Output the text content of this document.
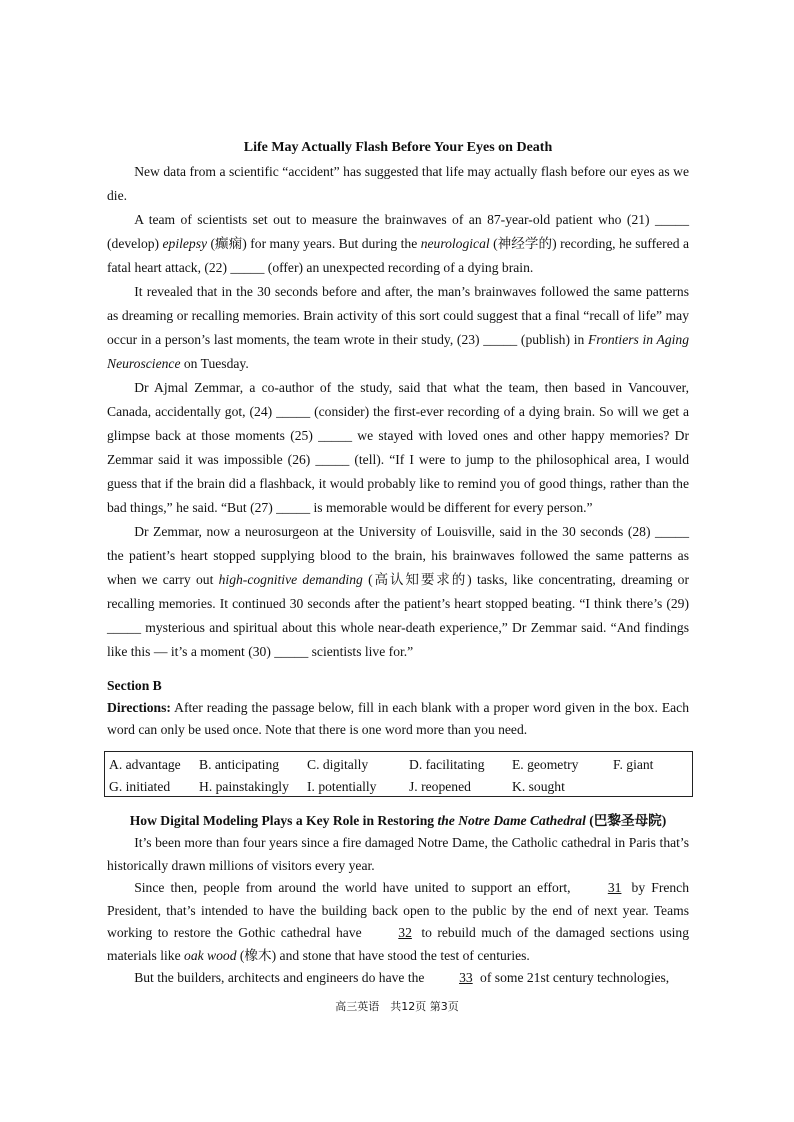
Life May Actually Flash Before Your Eyes on Death

New data from a scientific “accident” has suggested that life may actually flash before our eyes as we die.

A team of scientists set out to measure the brainwaves of an 87-year-old patient who (21) _____ (develop) epilepsy (癫痫) for many years. But during the neurological (神经学的) recording, he suffered a fatal heart attack, (22) _____ (offer) an unexpected recording of a dying brain.

It revealed that in the 30 seconds before and after, the man’s brainwaves followed the same patterns as dreaming or recalling memories. Brain activity of this sort could suggest that a final “recall of life” may occur in a person’s last moments, the team wrote in their study, (23) _____ (publish) in Frontiers in Aging Neuroscience on Tuesday.

Dr Ajmal Zemmar, a co-author of the study, said that what the team, then based in Vancouver, Canada, accidentally got, (24) _____ (consider) the first-ever recording of a dying brain. So will we get a glimpse back at those moments (25) _____ we stayed with loved ones and other happy memories? Dr Zemmar said it was impossible (26) _____ (tell). “If I were to jump to the philosophical area, I would guess that if the brain did a flashback, it would probably like to remind you of good things, rather than the bad things,” he said. “But (27) _____ is memorable would be different for every person.”

Dr Zemmar, now a neurosurgeon at the University of Louisville, said in the 30 seconds (28) _____ the patient’s heart stopped supplying blood to the brain, his brainwaves followed the same patterns as when we carry out high-cognitive demanding (高认知要求的) tasks, like concentrating, dreaming or recalling memories. It continued 30 seconds after the patient’s heart stopped beating. “I think there’s (29) _____ mysterious and spiritual about this whole near-death experience,” Dr Zemmar said. “And findings like this — it’s a moment (30) _____ scientists live for.”

Section B
Directions: After reading the passage below, fill in each blank with a proper word given in the box. Each word can only be used once. Note that there is one word more than you need.
A. advantage B. anticipating C. digitally	D. facilitating E. geometry	F. giant
G. initiated H. painstakingly I. potentially J. reopened	K. sought
How Digital Modeling Plays a Key Role in Restoring the Notre Dame Cathedral (巴黎圣母院)

It’s been more than four years since a fire damaged Notre Dame, the Catholic cathedral in Paris that’s historically drawn millions of visitors every year.

Since then, people from around the world have united to support an effort, 31 by French President, that’s intended to have the building back open to the public by the end of next year. Teams working to restore the Gothic cathedral have 32 to rebuild much of the damaged sections using materials like oak wood (橡木) and stone that have stood the test of centuries.

But the builders, architects and engineers do have the 33 of some 21st century technologies,

高三英语　共12页 第3页
